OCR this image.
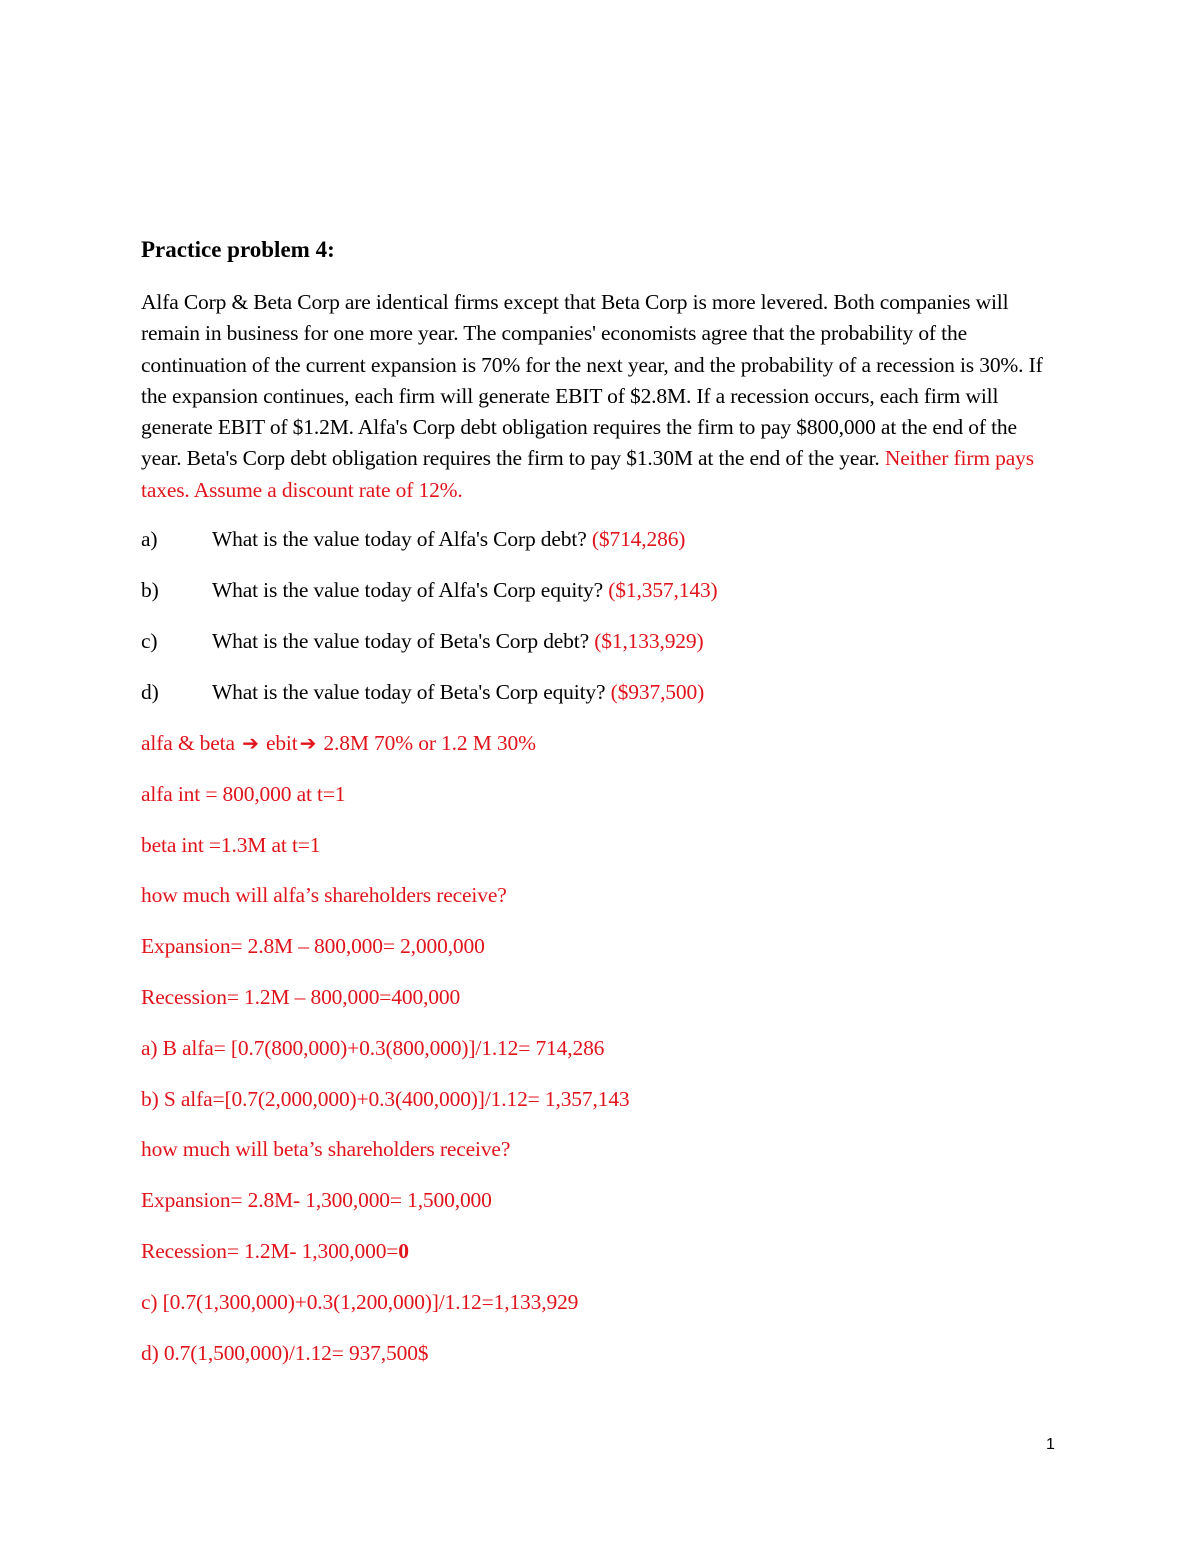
Practice problem 4:

Alfa Corp & Beta Corp are identical firms except that Beta Corp is more levered. Both companies will remain in business for one more year. The companies' economists agree that the probability of the continuation of the current expansion is 70% for the next year, and the probability of a recession is 30%. If the expansion continues, each firm will generate EBIT of $2.8M. If a recession occurs, each firm will generate EBIT of $1.2M. Alfa's Corp debt obligation requires the firm to pay $800,000 at the end of the year. Beta's Corp debt obligation requires the firm to pay $1.30M at the end of the year. Neither firm pays taxes. Assume a discount rate of 12%.

a)	What is the value today of Alfa's Corp debt? ($714,286)
b)	What is the value today of Alfa's Corp equity? ($1,357,143)
c)	What is the value today of Beta's Corp debt? ($1,133,929)
d)	What is the value today of Beta's Corp equity? ($937,500)
alfa & beta ➔ ebit ➔ 2.8M 70% or 1.2 M 30%
alfa int = 800,000 at t=1
beta int =1.3M at t=1
how much will alfa’s shareholders receive?
Expansion= 2.8M – 800,000= 2,000,000
Recession= 1.2M – 800,000=400,000
a) B alfa= [0.7(800,000)+0.3(800,000)]/1.12= 714,286
b) S alfa=[0.7(2,000,000)+0.3(400,000)]/1.12= 1,357,143
how much will beta’s shareholders receive?
Expansion= 2.8M- 1,300,000= 1,500,000
Recession= 1.2M- 1,300,000=0
c) [0.7(1,300,000)+0.3(1,200,000)]/1.12=1,133,929
d) 0.7(1,500,000)/1.12= 937,500$
1
